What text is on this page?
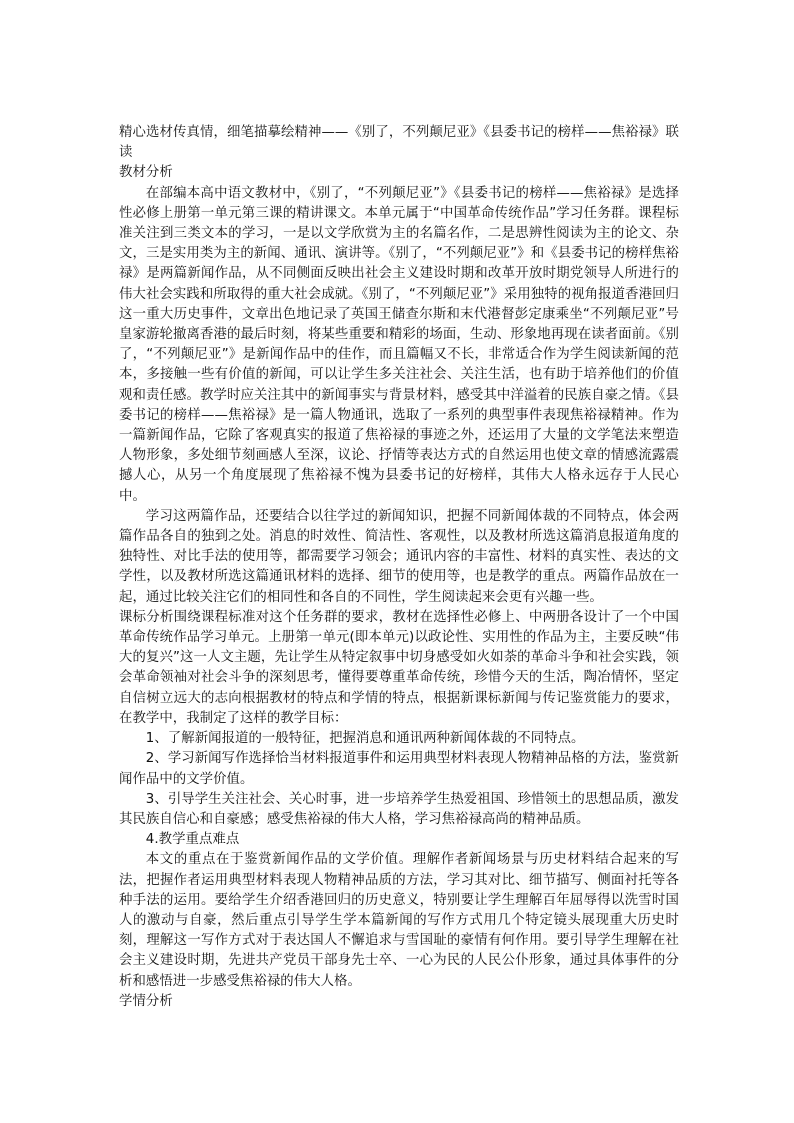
精心选材传真情，细笔描摹绘精神——《别了，不列颠尼亚》《县委书记的榜样——焦裕禄》联读

教材分析

在部编本高中语文教材中，《别了，“不列颠尼亚”》《县委书记的榜样——焦裕禄》是选择性必修上册第一单元第三课的精讲课文。本单元属于“中国革命传统作品”学习任务群。课程标准关注到三类文本的学习，一是以文学欣赏为主的名篇名作，二是思辨性阅读为主的论文、杂文，三是实用类为主的新闻、通讯、演讲等。《别了，“不列颠尼亚”》和《县委书记的榜样焦裕禄》是两篇新闻作品，从不同侧面反映出社会主义建设时期和改革开放时期党领导人所进行的伟大社会实践和所取得的重大社会成就。《别了，“不列颠尼亚”》采用独特的视角报道香港回归这一重大历史事件，文章出色地记录了英国王储查尔斯和末代港督彭定康乘坐“不列颠尼亚”号皇家游轮撤离香港的最后时刻，将某些重要和精彩的场面，生动、形象地再现在读者面前。《别了，“不列颠尼亚”》是新闻作品中的佳作，而且篇幅又不长，非常适合作为学生阅读新闻的范本，多接触一些有价值的新闻，可以让学生多关注社会、关注生活，也有助于培养他们的价值观和责任感。教学时应关注其中的新闻事实与背景材料，感受其中洋溢着的民族自豪之情。《县委书记的榜样——焦裕禄》是一篇人物通讯，选取了一系列的典型事件表现焦裕禄精神。作为一篇新闻作品，它除了客观真实的报道了焦裕禄的事迹之外，还运用了大量的文学笔法来塑造人物形象，多处细节刻画感人至深，议论、抒情等表达方式的自然运用也使文章的情感流露震撼人心，从另一个角度展现了焦裕禄不愧为县委书记的好榜样，其伟大人格永远存于人民心中。

学习这两篇作品，还要结合以往学过的新闻知识，把握不同新闻体裁的不同特点，体会两篇作品各自的独到之处。消息的时效性、简洁性、客观性，以及教材所选这篇消息报道角度的独特性、对比手法的使用等，都需要学习领会；通讯内容的丰富性、材料的真实性、表达的文学性，以及教材所选这篇通讯材料的选择、细节的使用等，也是教学的重点。两篇作品放在一起，通过比较关注它们的相同性和各自的不同性，学生阅读起来会更有兴趣一些。

课标分析围绕课程标准对这个任务群的要求，教材在选择性必修上、中两册各设计了一个中国革命传统作品学习单元。上册第一单元(即本单元)以政论性、实用性的作品为主，主要反映“伟大的复兴”这一人文主题，先让学生从特定叙事中切身感受如火如荼的革命斗争和社会实践，领会革命领袖对社会斗争的深刻思考，懂得要尊重革命传统，珍惜今天的生活，陶冶情怀，坚定自信树立远大的志向根据教材的特点和学情的特点，根据新课标新闻与传记鉴赏能力的要求，在教学中，我制定了这样的教学目标：

1、了解新闻报道的一般特征，把握消息和通讯两种新闻体裁的不同特点。

2、学习新闻写作选择恰当材料报道事件和运用典型材料表现人物精神品格的方法，鉴赏新闻作品中的文学价值。

3、引导学生关注社会、关心时事，进一步培养学生热爱祖国、珍惜领土的思想品质，激发其民族自信心和自豪感；感受焦裕禄的伟大人格，学习焦裕禄高尚的精神品质。

4.教学重点难点

本文的重点在于鉴赏新闻作品的文学价值。理解作者新闻场景与历史材料结合起来的写法，把握作者运用典型材料表现人物精神品质的方法，学习其对比、细节描写、侧面衬托等各种手法的运用。要给学生介绍香港回归的历史意义，特别要让学生理解百年屈辱得以洗雪时国人的激动与自豪，然后重点引导学生学本篇新闻的写作方式用几个特定镜头展现重大历史时刻，理解这一写作方式对于表达国人不懈追求与雪国耻的豪情有何作用。要引导学生理解在社会主义建设时期，先进共产党员干部身先士卒、一心为民的人民公仆形象，通过具体事件的分析和感悟进一步感受焦裕禄的伟大人格。

学情分析
